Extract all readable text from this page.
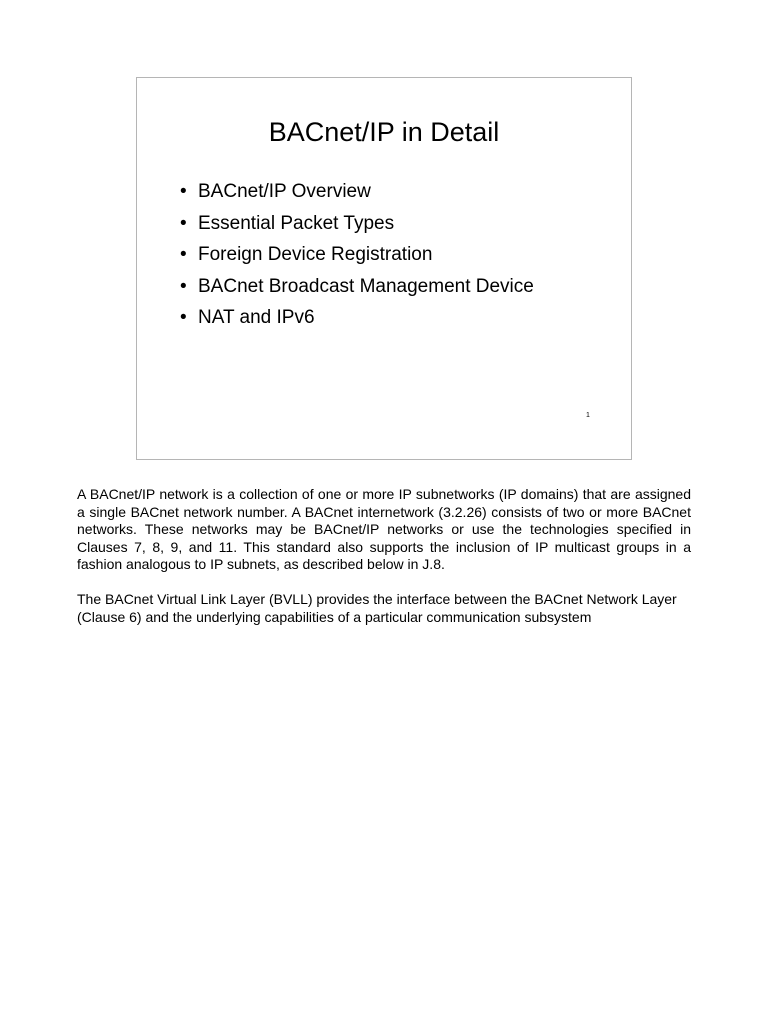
BACnet/IP in Detail
• BACnet/IP Overview
• Essential Packet Types
• Foreign Device Registration
• BACnet Broadcast Management Device
• NAT and IPv6
1

A BACnet/IP network is a collection of one or more IP subnetworks (IP domains) that are assigned a single BACnet network number. A BACnet internetwork (3.2.26) consists of two or more BACnet networks. These networks may be BACnet/IP networks or use the technologies specified in Clauses 7, 8, 9, and 11. This standard also supports the inclusion of IP multicast groups in a fashion analogous to IP subnets, as described below in J.8.

The BACnet Virtual Link Layer (BVLL) provides the interface between the BACnet Network Layer (Clause 6) and the underlying capabilities of a particular communication subsystem
